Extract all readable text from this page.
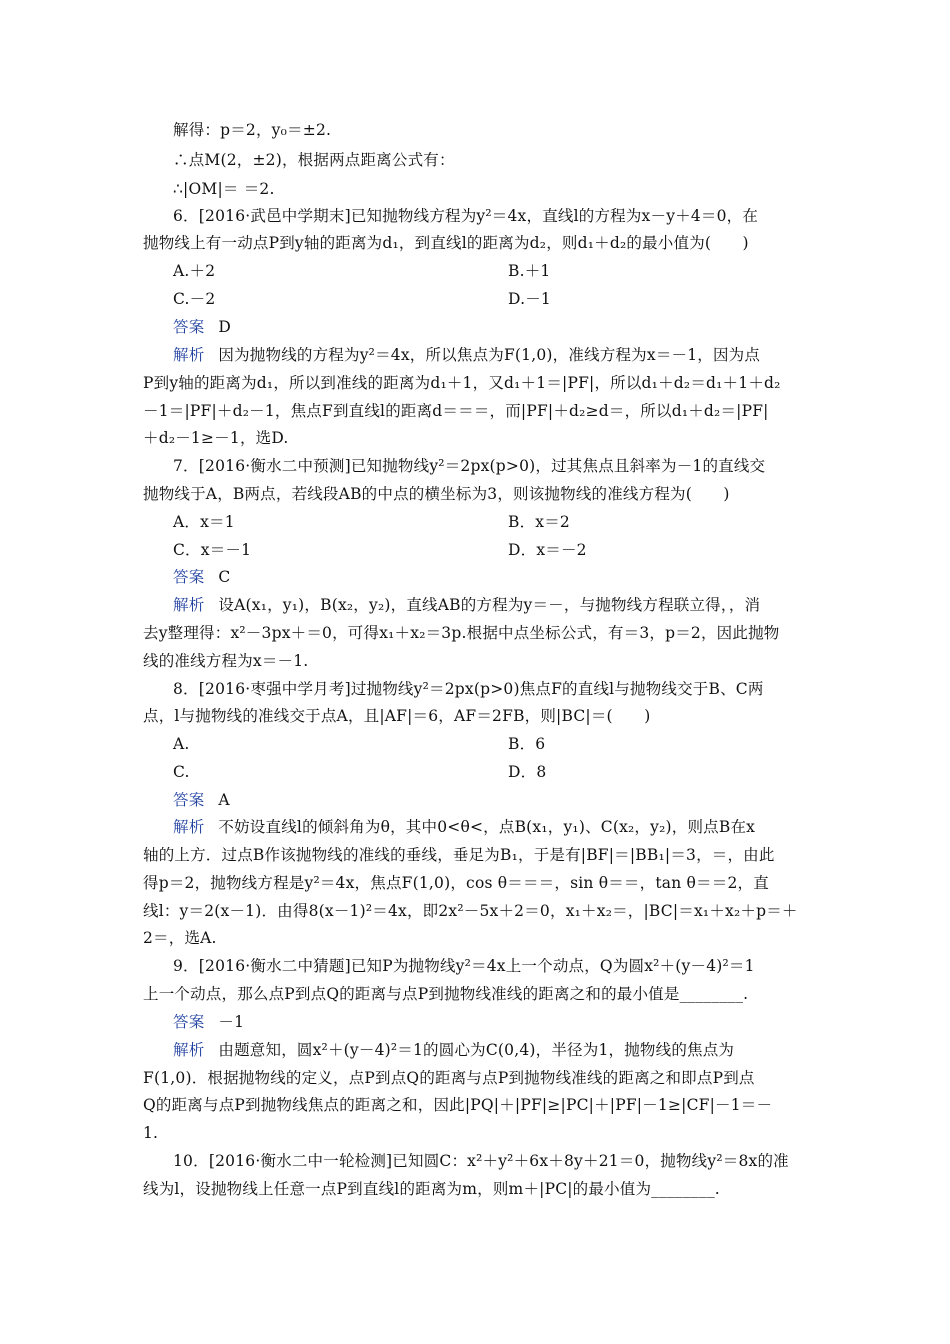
解得：p＝2，y₀＝±2.
∴点M(2，±2)，根据两点距离公式有：
∴|OM|＝ ＝2.
6．[2016·武邑中学期末]已知抛物线方程为y²＝4x，直线l的方程为x－y＋4＝0，在
抛物线上有一动点P到y轴的距离为d₁，到直线l的距离为d₂，则d₁＋d₂的最小值为(　　)
A.＋2	B.＋1
C.－2	D.－1
答案 D
解析 因为抛物线的方程为y²＝4x，所以焦点为F(1,0)，准线方程为x＝－1，因为点
P到y轴的距离为d₁，所以到准线的距离为d₁＋1，又d₁＋1＝|PF|，所以d₁＋d₂＝d₁＋1＋d₂
－1＝|PF|＋d₂－1，焦点F到直线l的距离d＝＝＝，而|PF|＋d₂≥d＝，所以d₁＋d₂＝|PF|
＋d₂－1≥－1，选D.
7．[2016·衡水二中预测]已知抛物线y²＝2px(p>0)，过其焦点且斜率为－1的直线交
抛物线于A，B两点，若线段AB的中点的横坐标为3，则该抛物线的准线方程为(　　)
A．x＝1	B．x＝2
C．x＝－1	D．x＝－2
答案 C
解析 设A(x₁，y₁)，B(x₂，y₂)，直线AB的方程为y＝－，与抛物线方程联立得，，消
去y整理得：x²－3px＋＝0，可得x₁＋x₂＝3p.根据中点坐标公式，有＝3，p＝2，因此抛物
线的准线方程为x＝－1.
8．[2016·枣强中学月考]过抛物线y²＝2px(p>0)焦点F的直线l与抛物线交于B、C两
点，l与抛物线的准线交于点A，且|AF|＝6，AF＝2FB，则|BC|＝(　　)
A.	B．6
C.	D．8
答案 A
解析 不妨设直线l的倾斜角为θ，其中0<θ<，点B(x₁，y₁)、C(x₂，y₂)，则点B在x
轴的上方．过点B作该抛物线的准线的垂线，垂足为B₁，于是有|BF|＝|BB₁|＝3，＝，由此
得p＝2，抛物线方程是y²＝4x，焦点F(1,0)，cos θ＝＝＝，sin θ＝＝，tan θ＝＝2，直
线l：y＝2(x－1)．由得8(x－1)²＝4x，即2x²－5x＋2＝0，x₁＋x₂＝，|BC|＝x₁＋x₂＋p＝＋
2＝，选A.
9．[2016·衡水二中猜题]已知P为抛物线y²＝4x上一个动点，Q为圆x²＋(y－4)²＝1
上一个动点，那么点P到点Q的距离与点P到抛物线准线的距离之和的最小值是________.
答案 －1
解析 由题意知，圆x²＋(y－4)²＝1的圆心为C(0,4)，半径为1，抛物线的焦点为
F(1,0)．根据抛物线的定义，点P到点Q的距离与点P到抛物线准线的距离之和即点P到点
Q的距离与点P到抛物线焦点的距离之和，因此|PQ|＋|PF|≥|PC|＋|PF|－1≥|CF|－1＝－
1.
10．[2016·衡水二中一轮检测]已知圆C：x²＋y²＋6x＋8y＋21＝0，抛物线y²＝8x的准
线为l，设抛物线上任意一点P到直线l的距离为m，则m＋|PC|的最小值为________.
